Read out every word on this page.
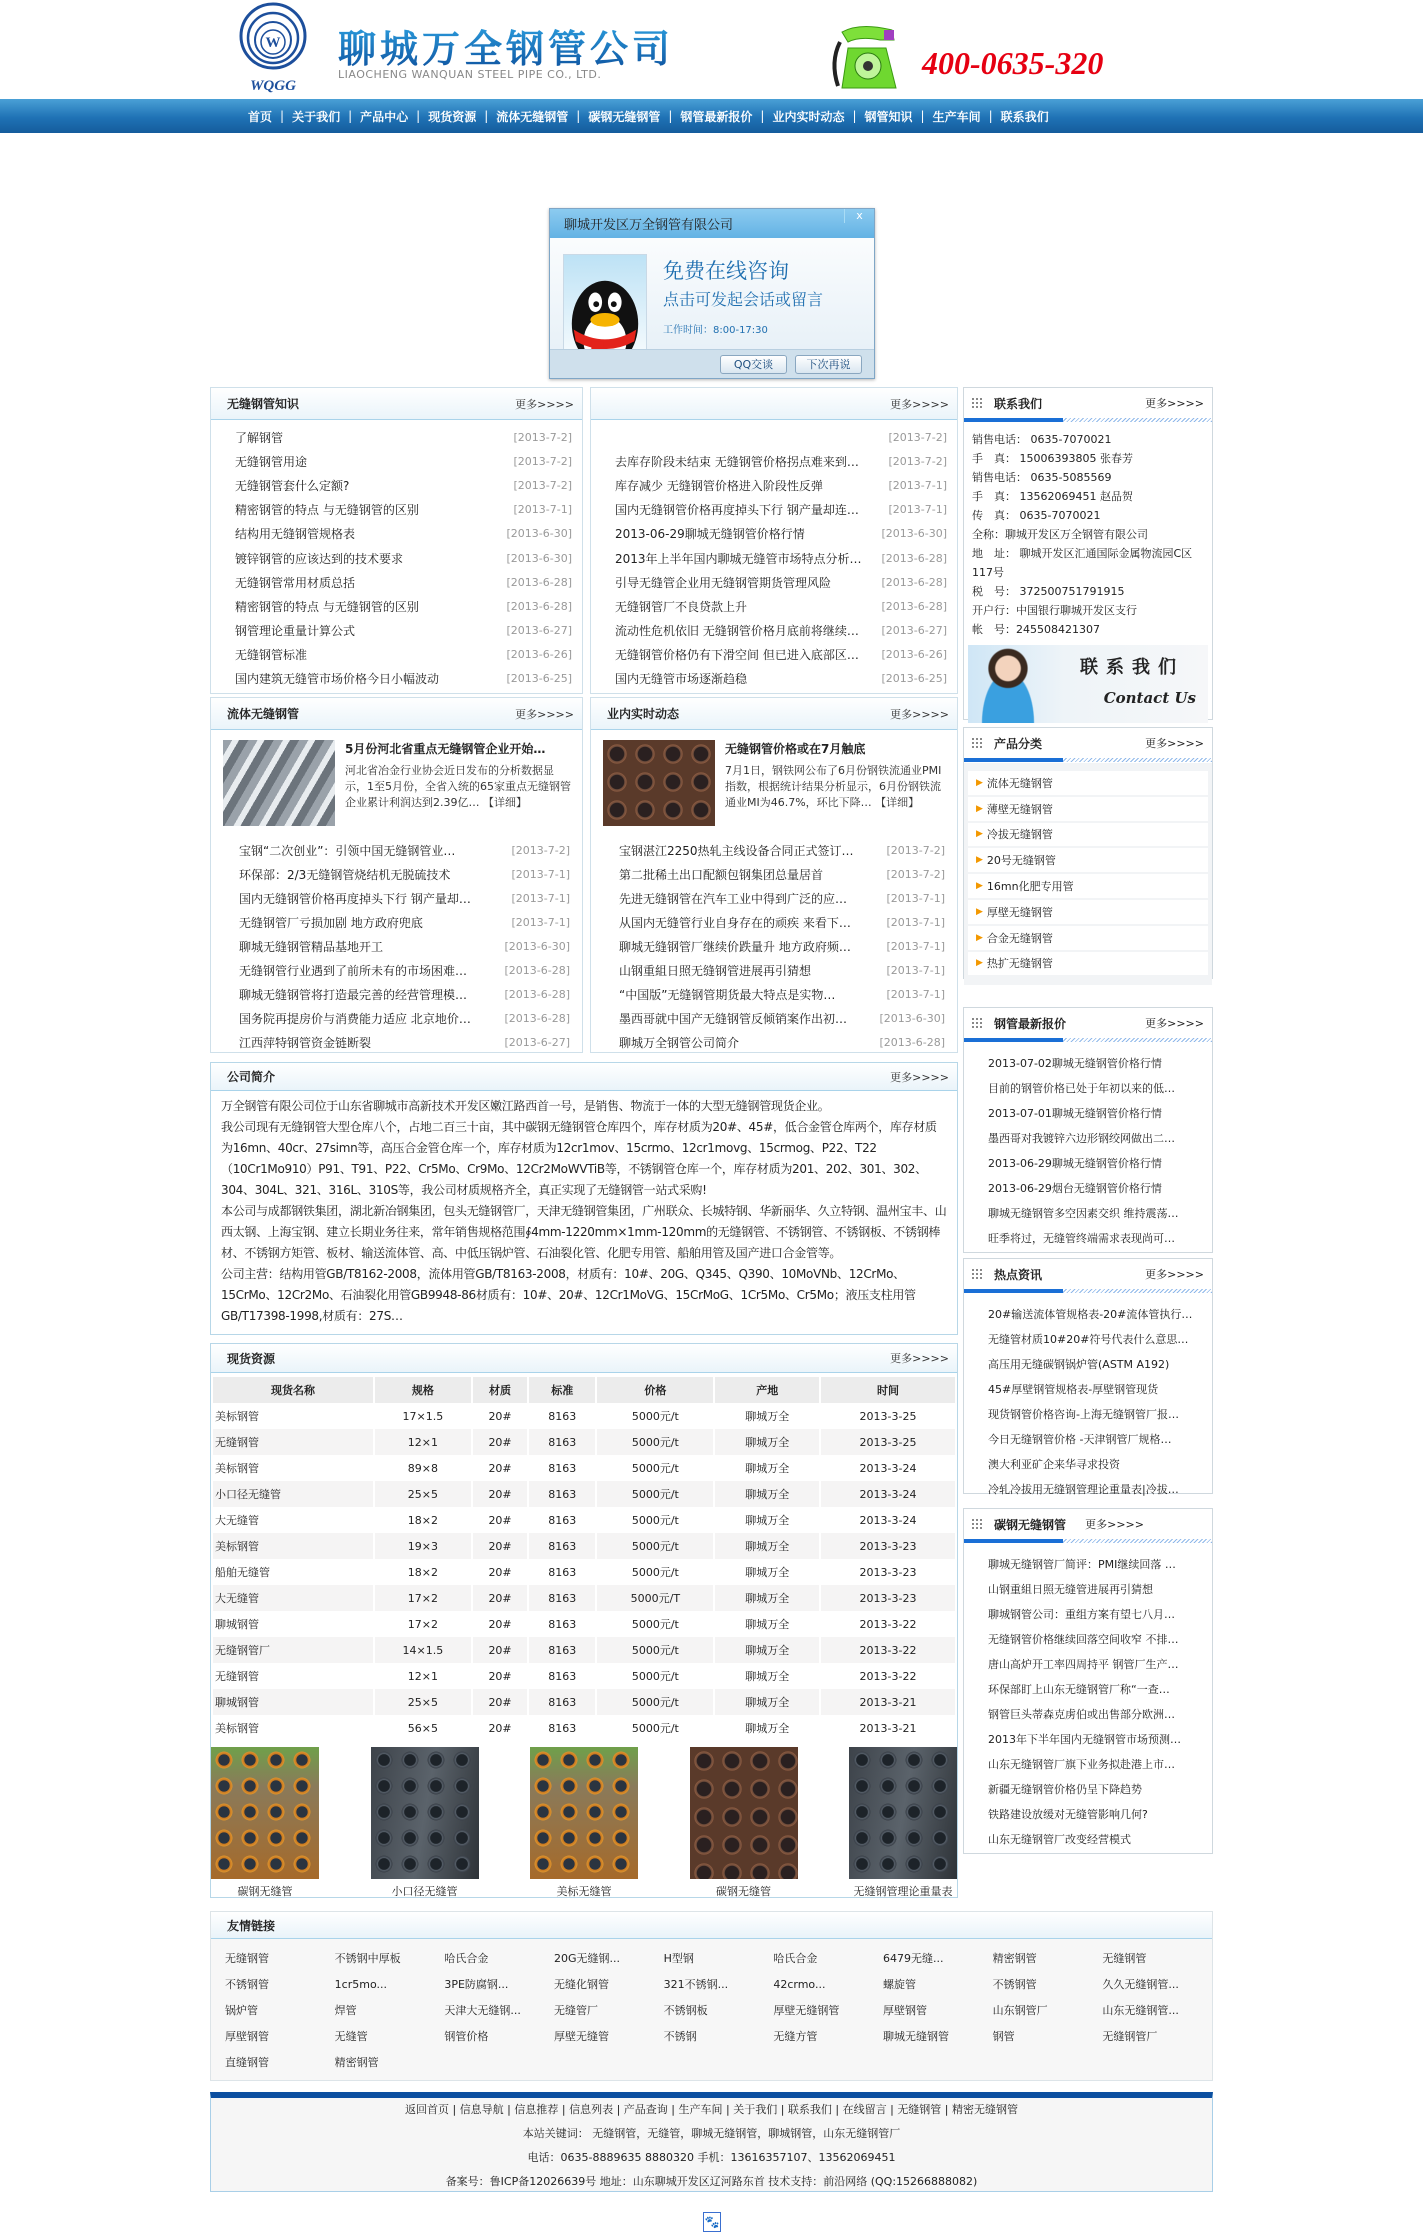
W
WQGG
聊城万全钢管公司
LIAOCHENG WANQUAN STEEL PIPE CO., LTD.	400-0635-320
首页 | 关于我们 | 产品中心 | 现货资源 | 流体无缝钢管 | 碳钢无缝钢管 | 钢管最新报价 | 业内实时动态 | 钢管知识 | 生产车间 | 联系我们
无缝钢管知识	更多>>>>
了解钢管	[2013-7-2]
无缝钢管用途	[2013-7-2]
无缝钢管套什么定额?	[2013-7-2]
精密钢管的特点 与无缝钢管的区别	[2013-7-1]
结构用无缝钢管规格表	[2013-6-30]
镀锌钢管的应该达到的技术要求	[2013-6-30]
无缝钢管常用材质总括	[2013-6-28]
精密钢管的特点 与无缝钢管的区别	[2013-6-28]
钢管理论重量计算公式	[2013-6-27]
无缝钢管标准	[2013-6-26]
国内建筑无缝管市场价格今日小幅波动	[2013-6-25]
更多>>>>
[2013-7-2]
去库存阶段未结束 无缝钢管价格拐点难来到…	[2013-7-2]
库存减少 无缝钢管价格进入阶段性反弹	[2013-7-1]
国内无缝钢管价格再度掉头下行 钢产量却连…	[2013-7-1]
2013-06-29聊城无缝钢管价格行情	[2013-6-30]
2013年上半年国内聊城无缝管市场特点分析… [2013-6-28]
引导无缝管企业用无缝钢管期货管理风险	[2013-6-28]
无缝钢管厂不良贷款上升	[2013-6-28]
流动性危机依旧 无缝钢管价格月底前将继续… [2013-6-27]
无缝钢管价格仍有下滑空间 但已进入底部区… [2013-6-26]
国内无缝管市场逐渐趋稳	[2013-6-25]
流体无缝钢管	更多>>>>
5月份河北省重点无缝钢管企业开始…

河北省冶金行业协会近日发布的分析数据显示，1至5月份，全省入统的65家重点无缝钢管企业累计利润达到2.39亿… 【详细】

宝钢“二次创业”：引领中国无缝钢管业…	[2013-7-2]
环保部：2/3无缝钢管烧结机无脱硫技术	[2013-7-1]
国内无缝钢管价格再度掉头下行 钢产量却…	[2013-7-1]
无缝钢管厂亏损加剧 地方政府兜底	[2013-7-1]
聊城无缝钢管精品基地开工	[2013-6-30]
无缝钢管行业遇到了前所未有的市场困难…	[2013-6-28]
聊城无缝钢管将打造最完善的经营管理模…	[2013-6-28]
国务院再提房价与消费能力适应 北京地价…	[2013-6-28]
江西萍特钢管资金链断裂	[2013-6-27]
业内实时动态	更多>>>>
无缝钢管价格或在7月触底

7月1日，钢铁网公布了6月份钢铁流通业PMI指数，根据统计结果分析显示，6月份钢铁流通业MI为46.7%，环比下降… 【详细】

宝钢湛江2250热轧主线设备合同正式签订…	[2013-7-2]
第二批稀土出口配额包钢集团总量居首	[2013-7-2]
先进无缝钢管在汽车工业中得到广泛的应…	[2013-7-1]
从国内无缝管行业自身存在的顽疾 来看下…	[2013-7-1]
聊城无缝钢管厂继续价跌量升 地方政府频…	[2013-7-1]
山钢重組日照无缝钢管进展再引猜想	[2013-7-1]
“中国版”无缝钢管期货最大特点是实物…	[2013-7-1]
墨西哥就中国产无缝钢管反倾销案作出初…	[2013-6-30]
聊城万全钢管公司简介	[2013-6-28]
公司简介	更多>>>>
万全钢管有限公司位于山东省聊城市高新技术开发区嫩江路西首一号，是销售、物流于一体的大型无缝钢管现货企业。
我公司现有无缝钢管大型仓库八个，占地二百三十亩，其中碳钢无缝钢管仓库四个，库存材质为20#、45#，低合金管仓库两个，库存材质为16mn、40cr、27simn等，高压合金管仓库一个，库存材质为12cr1mov、15crmo、12cr1movg、15crmog、P22、T22（10Cr1Mo910）P91、T91、P22、Cr5Mo、Cr9Mo、12Cr2MoWVTiB等，不锈钢管仓库一个，库存材质为201、202、301、302、304、304L、321、316L、310S等，我公司材质规格齐全，真正实现了无缝钢管一站式采购!
本公司与成都钢铁集团，湖北新冶钢集团，包头无缝钢管厂，天津无缝钢管集团，广州联众、长城特钢、华新丽华、久立特钢、温州宝丰、山西太钢、上海宝钢、建立长期业务往来，常年销售规格范围∮4mm-1220mm×1mm-120mm的无缝钢管、不锈钢管、不锈钢板、不锈钢棒材、不锈钢方矩管、板材、输送流体管、高、中低压锅炉管、石油裂化管、化肥专用管、船舶用管及国产进口合金管等。
公司主营：结构用管GB/T8162-2008，流体用管GB/T8163-2008，材质有：10#、20G、Q345、Q390、10MoVNb、12CrMo、15CrMo、12Cr2Mo、石油裂化用管GB9948-86材质有：10#、20#、12Cr1MoVG、15CrMoG、1Cr5Mo、Cr5Mo；液压支柱用管GB/T17398-1998,材质有：27S…
现货资源	更多>>>>
现货名称	规格	材质	标准	价格	产地	时间
美标钢管	17×1.5	20#	8163	5000元/t	聊城万全	2013-3-25
无缝钢管	12×1	20#	8163	5000元/t	聊城万全	2013-3-25
美标钢管	89×8	20#	8163	5000元/t	聊城万全	2013-3-24
小口径无缝管	25×5	20#	8163	5000元/t	聊城万全	2013-3-24
大无缝管	18×2	20#	8163	5000元/t	聊城万全	2013-3-24
美标钢管	19×3	20#	8163	5000元/t	聊城万全	2013-3-23
船舶无缝管	18×2	20#	8163	5000元/t	聊城万全	2013-3-23
大无缝管	17×2	20#	8163	5000元/T	聊城万全	2013-3-23
聊城钢管	17×2	20#	8163	5000元/t	聊城万全	2013-3-22
无缝钢管厂	14×1.5	20#	8163	5000元/t	聊城万全	2013-3-22
无缝钢管	12×1	20#	8163	5000元/t	聊城万全	2013-3-22
聊城钢管	25×5	20#	8163	5000元/t	聊城万全	2013-3-21
美标钢管	56×5	20#	8163	5000元/t	聊城万全	2013-3-21
碳钢无缝管	小口径无缝管	美标无缝管	碳钢无缝管	无缝钢管理论重量表
联系我们	更多>>>>
销售电话： 0635-7070021
手　真： 15006393805 张春芳
销售电话： 0635-5085569
手　真： 13562069451 赵品贺
传　真： 0635-7070021
全称：聊城开发区万全钢管有限公司
地　址： 聊城开发区汇通国际金属物流园C区117号
税　号： 372500751791915
开户行：中国银行聊城开发区支行
帐　号：245508421307
联系我们
Contact Us
产品分类	更多>>>>
▶ 流体无缝钢管
▶ 薄壁无缝钢管
▶ 冷拔无缝钢管
▶ 20号无缝钢管
▶ 16mn化肥专用管
▶ 厚壁无缝钢管
▶ 合金无缝钢管
▶ 热扩无缝钢管
钢管最新报价	更多>>>>
2013-07-02聊城无缝钢管价格行情
目前的钢管价格已处于年初以来的低…
2013-07-01聊城无缝钢管价格行情
墨西哥对我镀锌六边形钢绞网做出二…
2013-06-29聊城无缝钢管价格行情
2013-06-29烟台无缝钢管价格行情
聊城无缝钢管多空因素交织 维持震荡…
旺季将过，无缝管终端需求表现尚可…
热点资讯	更多>>>>
20#输送流体管规格表-20#流体管执行…
无缝管材质10#20#符号代表什么意思…
高压用无缝碳钢锅炉管(ASTM A192)
45#厚壁钢管规格表-厚壁钢管现货
现货钢管价格咨询-上海无缝钢管厂报…
今日无缝钢管价格 -天津钢管厂规格…
澳大利亚矿企来华寻求投资
冷轧冷拔用无缝钢管理论重量表|冷拔…
碳钢无缝钢管 更多>>>>
聊城无缝钢管厂简评：PMI继续回落 …
山钢重組日照无缝管进展再引猜想
聊城钢管公司：重组方案有望七八月…
无缝钢管价格继续回落空间收窄 不排…
唐山高炉开工率四周持平 钢管厂生产…
环保部盯上山东无缝钢管厂称“一查…
钢管巨头蒂森克虏伯或出售部分欧洲…
2013年下半年国内无缝钢管市场预测…
山东无缝钢管厂旗下业务拟赴港上市…
新疆无缝钢管价格仍呈下降趋势
铁路建设放缓对无缝管影响几何?
山东无缝钢管厂改变经营模式
友情链接
无缝钢管	不锈钢中厚板	哈氏合金	20G无缝钢...	H型钢	哈氏合金	6479无缝...	精密钢管	无缝钢管
不锈钢管	1cr5mo...	3PE防腐钢...	无缝化钢管	321不锈钢...	42crmo...	螺旋管	不锈钢管	久久无缝钢管...
锅炉管	焊管	天津大无缝钢...	无缝管厂	不锈钢板	厚壁无缝钢管	厚壁钢管	山东钢管厂	山东无缝钢管...
厚壁钢管	无缝管	钢管价格	厚壁无缝管	不锈钢	无缝方管	聊城无缝钢管	钢管	无缝钢管厂
直缝钢管	精密钢管
返回首页 | 信息导航 | 信息推荐 | 信息列表 | 产品查询 | 生产车间 | 关于我们 | 联系我们 | 在线留言 | 无缝钢管 | 精密无缝钢管
本站关键词： 无缝钢管，无缝管，聊城无缝钢管，聊城钢管，山东无缝钢管厂
电话：0635-8889635 8880320 手机：13616357107、13562069451
备案号：鲁ICP备12026639号 地址：山东聊城开发区辽河路东首 技术支持：前沿网络 (QQ:15266888082)
🐾
聊城开发区万全钢管有限公司
x
免费在线咨询
点击可发起会话或留言
工作时间：8:00-17:30
QQ交谈	下次再说
